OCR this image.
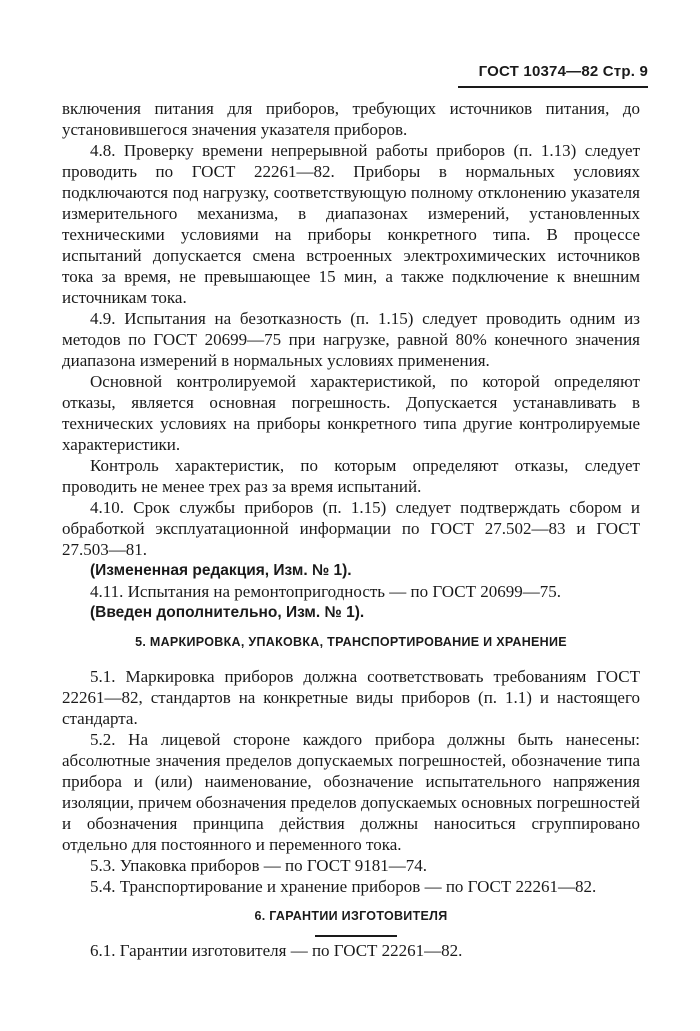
ГОСТ 10374—82 Стр. 9

включения питания для приборов, требующих источников питания, до установившегося значения указателя приборов.

4.8. Проверку времени непрерывной работы приборов (п. 1.13) следует проводить по ГОСТ 22261—82. Приборы в нормальных условиях подключаются под нагрузку, соответствующую полному отклонению указателя измерительного механизма, в диапазонах измерений, установленных техническими условиями на приборы конкретного типа. В процессе испытаний допускается смена встроенных электрохимических источников тока за время, не превышающее 15 мин, а также подключение к внешним источникам тока.

4.9. Испытания на безотказность (п. 1.15) следует проводить одним из методов по ГОСТ 20699—75 при нагрузке, равной 80% конечного значения диапазона измерений в нормальных условиях применения.

Основной контролируемой характеристикой, по которой определяют отказы, является основная погрешность. Допускается устанавливать в технических условиях на приборы конкретного типа другие контролируемые характеристики.

Контроль характеристик, по которым определяют отказы, следует проводить не менее трех раз за время испытаний.

4.10. Срок службы приборов (п. 1.15) следует подтверждать сбором и обработкой эксплуатационной информации по ГОСТ 27.502—83 и ГОСТ 27.503—81.

(Измененная редакция, Изм. № 1).

4.11. Испытания на ремонтопригодность — по ГОСТ 20699—75.

(Введен дополнительно, Изм. № 1).

5. МАРКИРОВКА, УПАКОВКА, ТРАНСПОРТИРОВАНИЕ И ХРАНЕНИЕ

5.1. Маркировка приборов должна соответствовать требованиям ГОСТ 22261—82, стандартов на конкретные виды приборов (п. 1.1) и настоящего стандарта.

5.2. На лицевой стороне каждого прибора должны быть нанесены: абсолютные значения пределов допускаемых погрешностей, обозначение типа прибора и (или) наименование, обозначение испытательного напряжения изоляции, причем обозначения пределов допускаемых основных погрешностей и обозначения принципа действия должны наноситься сгруппировано отдельно для постоянного и переменного тока.

5.3. Упаковка приборов — по ГОСТ 9181—74.

5.4. Транспортирование и хранение приборов — по ГОСТ 22261—82.

6. ГАРАНТИИ ИЗГОТОВИТЕЛЯ

6.1. Гарантии изготовителя — по ГОСТ 22261—82.
